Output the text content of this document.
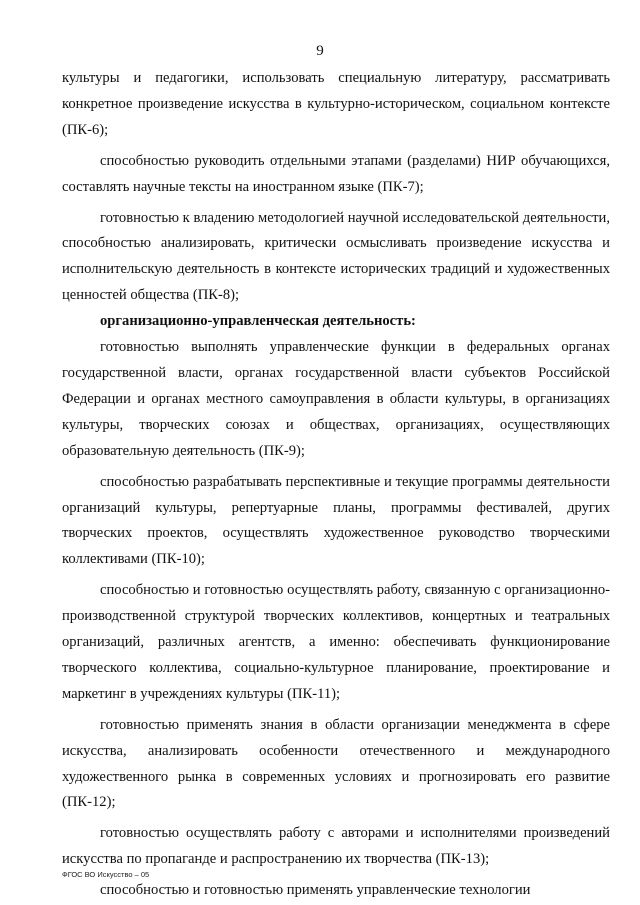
9

культуры и педагогики, использовать специальную литературу, рассматривать конкретное произведение искусства в культурно-историческом, социальном контексте (ПК-6);

способностью руководить отдельными этапами (разделами) НИР обучающихся, составлять научные тексты на иностранном языке (ПК-7);

готовностью к владению методологией научной исследовательской деятельности, способностью анализировать, критически осмысливать произведение искусства и исполнительскую деятельность в контексте исторических традиций и художественных ценностей общества (ПК-8);

организационно-управленческая деятельность:

готовностью выполнять управленческие функции в федеральных органах государственной власти, органах государственной власти субъектов Российской Федерации и органах местного самоуправления в области культуры, в организациях культуры, творческих союзах и обществах, организациях, осуществляющих образовательную деятельность (ПК-9);

способностью разрабатывать перспективные и текущие программы деятельности организаций культуры, репертуарные планы, программы фестивалей, других творческих проектов, осуществлять художественное руководство творческими коллективами (ПК-10);

способностью и готовностью осуществлять работу, связанную с организационно-производственной структурой творческих коллективов, концертных и театральных организаций, различных агентств, а именно: обеспечивать функционирование творческого коллектива, социально-культурное планирование, проектирование и маркетинг в учреждениях культуры (ПК-11);

готовностью применять знания в области организации менеджмента в сфере искусства, анализировать особенности отечественного и международного художественного рынка в современных условиях и прогнозировать его развитие (ПК-12);

готовностью осуществлять работу с авторами и исполнителями произведений искусства по пропаганде и распространению их творчества (ПК-13);

способностью и готовностью применять управленческие технологии

ФГОС ВО Искусство – 05
